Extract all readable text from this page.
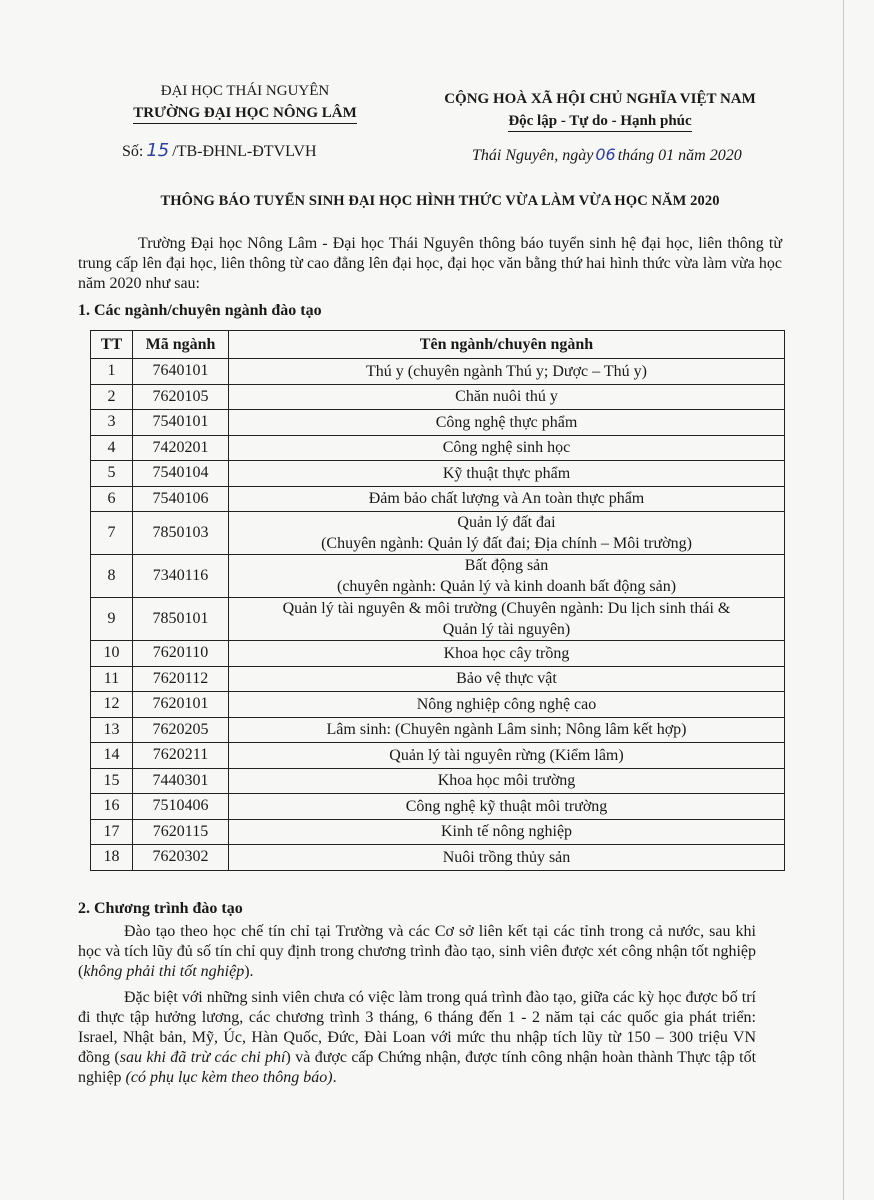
ĐẠI HỌC THÁI NGUYÊN
TRƯỜNG ĐẠI HỌC NÔNG LÂM
CỘNG HOÀ XÃ HỘI CHỦ NGHĨA VIỆT NAM
Độc lập - Tự do - Hạnh phúc
Số: 15 /TB-ĐHNL-ĐTVLVH	Thái Nguyên, ngày 06 tháng 01 năm 2020
THÔNG BÁO TUYỂN SINH ĐẠI HỌC HÌNH THỨC VỪA LÀM VỪA HỌC NĂM 2020

Trường Đại học Nông Lâm - Đại học Thái Nguyên thông báo tuyển sinh hệ đại học, liên thông từ trung cấp lên đại học, liên thông từ cao đẳng lên đại học, đại học văn bằng thứ hai hình thức vừa làm vừa học năm 2020 như sau:

1. Các ngành/chuyên ngành đào tạo
TT	Mã ngành	Tên ngành/chuyên ngành
1	7640101	Thú y (chuyên ngành Thú y; Dược – Thú y)

2	7620105	Chăn nuôi thú y

3	7540101	Công nghệ thực phẩm

4	7420201	Công nghệ sinh học

5	7540104	Kỹ thuật thực phẩm

6	7540106	Đảm bảo chất lượng và An toàn thực phẩm

7	7850103	Quản lý đất đai
(Chuyên ngành: Quản lý đất đai; Địa chính – Môi trường)

8	7340116	Bất động sản
(chuyên ngành: Quản lý và kinh doanh bất động sản)

9	7850101	Quản lý tài nguyên & môi trường (Chuyên ngành: Du lịch sinh thái &
Quản lý tài nguyên)

10	7620110	Khoa học cây trồng

11	7620112	Bảo vệ thực vật

12	7620101	Nông nghiệp công nghệ cao

13	7620205	Lâm sinh: (Chuyên ngành Lâm sinh; Nông lâm kết hợp)

14	7620211	Quản lý tài nguyên rừng (Kiểm lâm)

15	7440301	Khoa học môi trường

16	7510406	Công nghệ kỹ thuật môi trường

17	7620115	Kinh tế nông nghiệp

18	7620302	Nuôi trồng thủy sản
2. Chương trình đào tạo

Đào tạo theo học chế tín chỉ tại Trường và các Cơ sở liên kết tại các tỉnh trong cả nước, sau khi học và tích lũy đủ số tín chỉ quy định trong chương trình đào tạo, sinh viên được xét công nhận tốt nghiệp (không phải thi tốt nghiệp).

Đặc biệt với những sinh viên chưa có việc làm trong quá trình đào tạo, giữa các kỳ học được bố trí đi thực tập hưởng lương, các chương trình 3 tháng, 6 tháng đến 1 - 2 năm tại các quốc gia phát triển: Israel, Nhật bản, Mỹ, Úc, Hàn Quốc, Đức, Đài Loan với mức thu nhập tích lũy từ 150 – 300 triệu VN đồng (sau khi đã trừ các chi phí) và được cấp Chứng nhận, được tính công nhận hoàn thành Thực tập tốt nghiệp (có phụ lục kèm theo thông báo).
